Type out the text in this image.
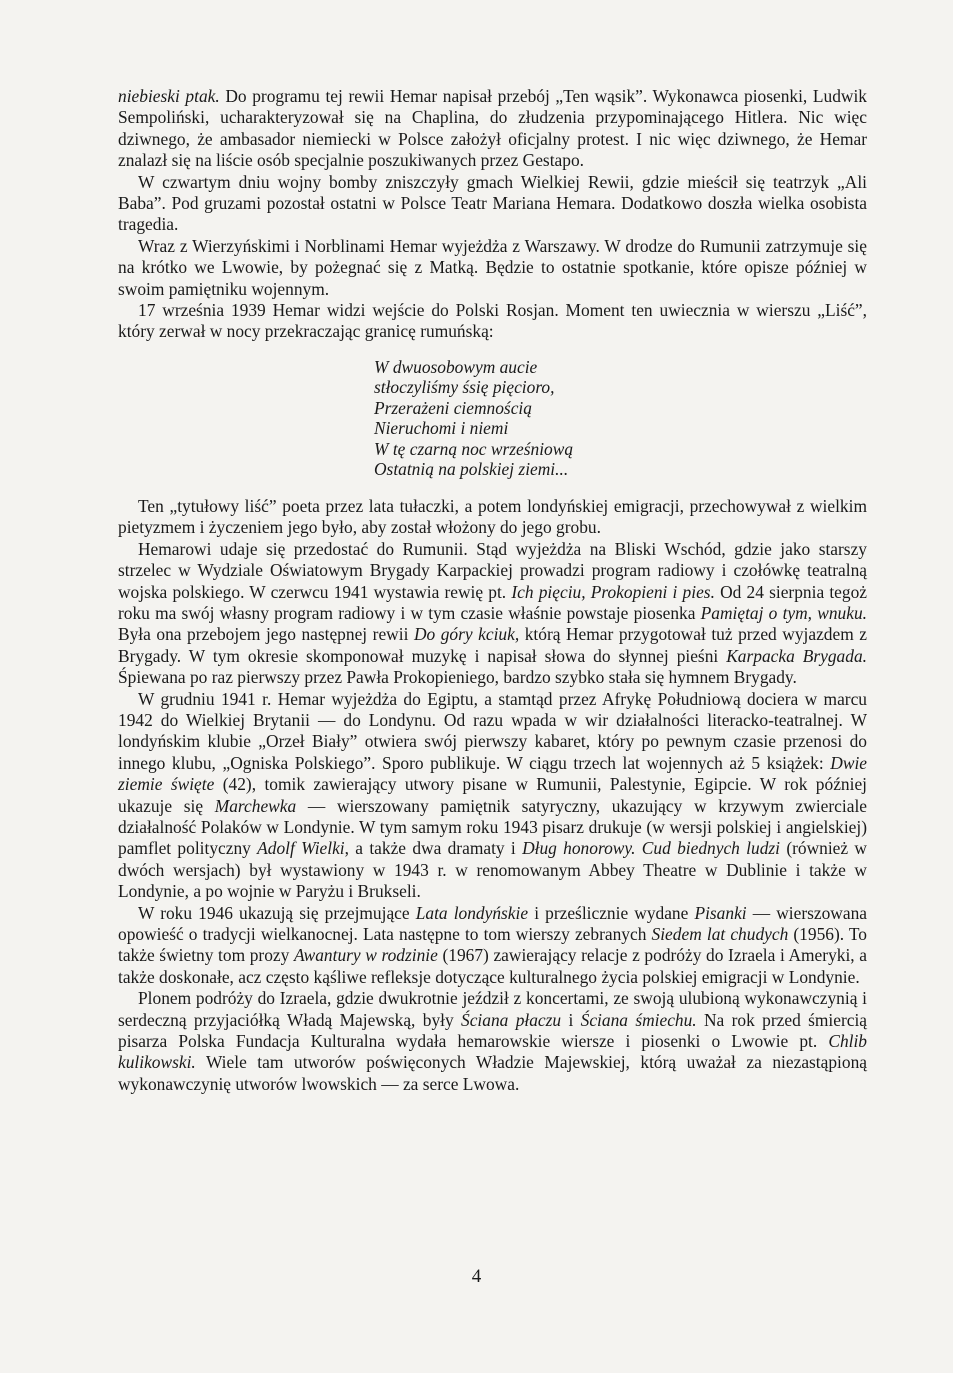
niebieski ptak. Do programu tej rewii Hemar napisał przebój „Ten wąsik”. Wykonawca piosenki, Ludwik Sempoliński, ucharakteryzował się na Chaplina, do złudzenia przypominającego Hitlera. Nic więc dziwnego, że ambasador niemiecki w Polsce założył oficjalny protest. I nic więc dziwnego, że Hemar znalazł się na liście osób specjalnie poszukiwanych przez Gestapo.

W czwartym dniu wojny bomby zniszczyły gmach Wielkiej Rewii, gdzie mieścił się teatrzyk „Ali Baba”. Pod gruzami pozostał ostatni w Polsce Teatr Mariana Hemara. Dodatkowo doszła wielka osobista tragedia.

Wraz z Wierzyńskimi i Norblinami Hemar wyjeżdża z Warszawy. W drodze do Rumunii zatrzymuje się na krótko we Lwowie, by pożegnać się z Matką. Będzie to ostatnie spotkanie, które opisze później w swoim pamiętniku wojennym.

17 września 1939 Hemar widzi wejście do Polski Rosjan. Moment ten uwiecznia w wierszu „Liść”, który zerwał w nocy przekraczając granicę rumuńską:

W dwuosobowym aucie
stłoczyliśmy śsię pięcioro,
Przerażeni ciemnością
Nieruchomi i niemi
W tę czarną noc wrześniową
Ostatnią na polskiej ziemi...

Ten „tytułowy liść” poeta przez lata tułaczki, a potem londyńskiej emigracji, przechowywał z wielkim pietyzmem i życzeniem jego było, aby został włożony do jego grobu.

Hemarowi udaje się przedostać do Rumunii. Stąd wyjeżdża na Bliski Wschód, gdzie jako starszy strzelec w Wydziale Oświatowym Brygady Karpackiej prowadzi program radiowy i czołówkę teatralną wojska polskiego. W czerwcu 1941 wystawia rewię pt. Ich pięciu, Prokopieni i pies. Od 24 sierpnia tegoż roku ma swój własny program radiowy i w tym czasie właśnie powstaje piosenka Pamiętaj o tym, wnuku. Była ona przebojem jego następnej rewii Do góry kciuk, którą Hemar przygotował tuż przed wyjazdem z Brygady. W tym okresie skomponował muzykę i napisał słowa do słynnej pieśni Karpacka Brygada. Śpiewana po raz pierwszy przez Pawła Prokopieniego, bardzo szybko stała się hymnem Brygady.

W grudniu 1941 r. Hemar wyjeżdża do Egiptu, a stamtąd przez Afrykę Południową dociera w marcu 1942 do Wielkiej Brytanii — do Londynu. Od razu wpada w wir działalności literacko-teatralnej. W londyńskim klubie „Orzeł Biały” otwiera swój pierwszy kabaret, który po pewnym czasie przenosi do innego klubu, „Ogniska Polskiego”. Sporo publikuje. W ciągu trzech lat wojennych aż 5 książek: Dwie ziemie święte (42), tomik zawierający utwory pisane w Rumunii, Palestynie, Egipcie. W rok później ukazuje się Marchewka — wierszowany pamiętnik satyryczny, ukazujący w krzywym zwierciale działalność Polaków w Londynie. W tym samym roku 1943 pisarz drukuje (w wersji polskiej i angielskiej) pamflet polityczny Adolf Wielki, a także dwa dramaty i Dług honorowy. Cud biednych ludzi (również w dwóch wersjach) był wystawiony w 1943 r. w renomowanym Abbey Theatre w Dublinie i także w Londynie, a po wojnie w Paryżu i Brukseli.

W roku 1946 ukazują się przejmujące Lata londyńskie i prześlicznie wydane Pisanki — wierszowana opowieść o tradycji wielkanocnej. Lata następne to tom wierszy zebranych Siedem lat chudych (1956). To także świetny tom prozy Awantury w rodzinie (1967) zawierający relacje z podróży do Izraela i Ameryki, a także doskonałe, acz często kąśliwe refleksje dotyczące kulturalnego życia polskiej emigracji w Londynie.

Plonem podróży do Izraela, gdzie dwukrotnie jeździł z koncertami, ze swoją ulubioną wykonawczynią i serdeczną przyjaciółką Władą Majewską, były Ściana płaczu i Ściana śmiechu. Na rok przed śmiercią pisarza Polska Fundacja Kulturalna wydała hemarowskie wiersze i piosenki o Lwowie pt. Chlib kulikowski. Wiele tam utworów poświęconych Władzie Majewskiej, którą uważał za niezastąpioną wykonawczynię utworów lwowskich — za serce Lwowa.

4
